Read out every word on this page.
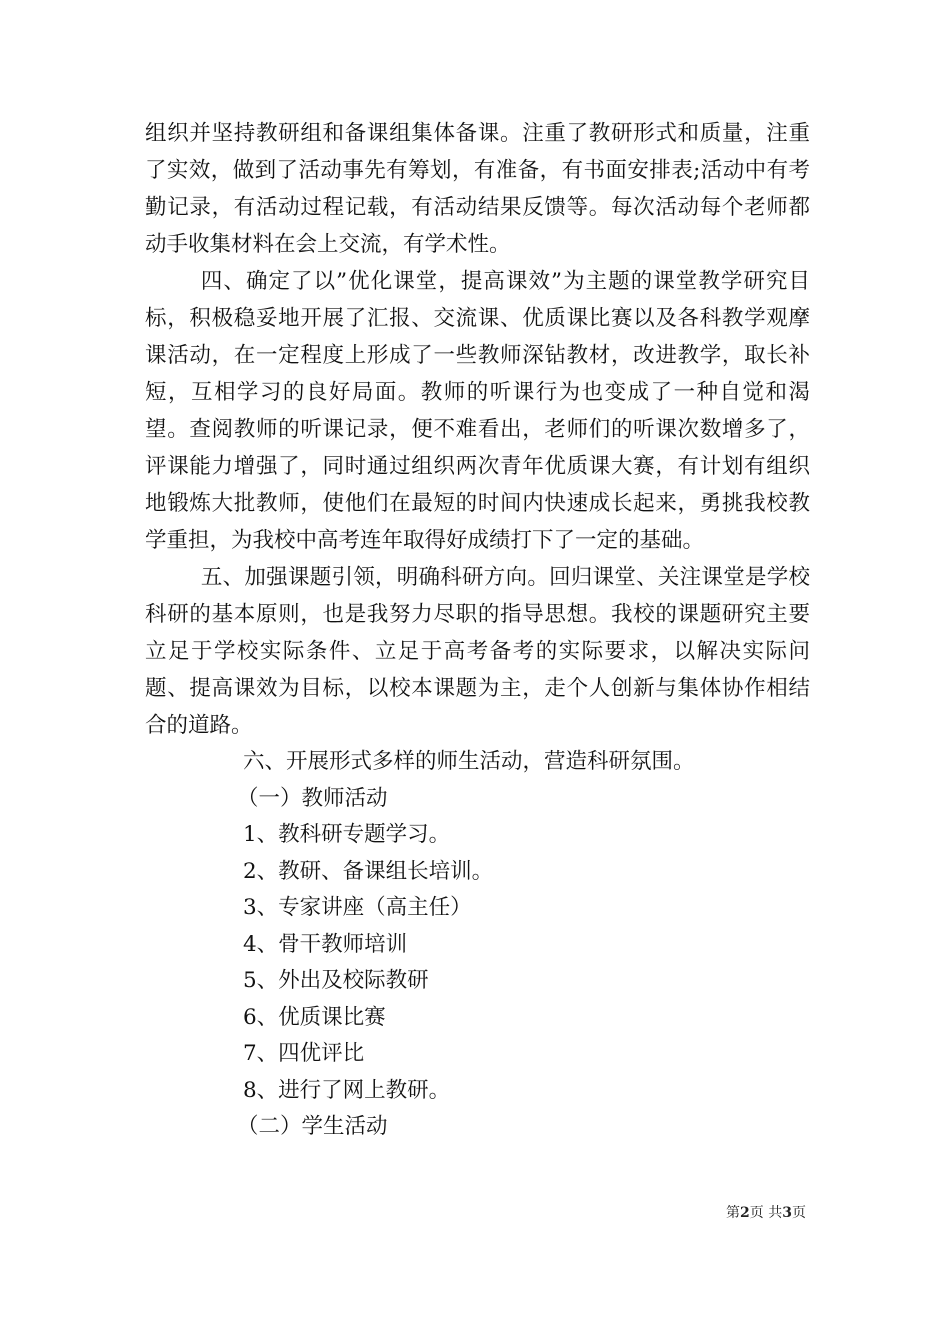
组织并坚持教研组和备课组集体备课。注重了教研形式和质量，注重了实效，做到了活动事先有筹划，有准备，有书面安排表;活动中有考勤记录，有活动过程记载，有活动结果反馈等。每次活动每个老师都动手收集材料在会上交流，有学术性。

四、确定了以”优化课堂，提高课效”为主题的课堂教学研究目标，积极稳妥地开展了汇报、交流课、优质课比赛以及各科教学观摩课活动，在一定程度上形成了一些教师深钻教材，改进教学，取长补短，互相学习的良好局面。教师的听课行为也变成了一种自觉和渴望。查阅教师的听课记录，便不难看出，老师们的听课次数增多了，评课能力增强了，同时通过组织两次青年优质课大赛，有计划有组织地锻炼大批教师，使他们在最短的时间内快速成长起来，勇挑我校教学重担，为我校中高考连年取得好成绩打下了一定的基础。

五、加强课题引领，明确科研方向。回归课堂、关注课堂是学校科研的基本原则，也是我努力尽职的指导思想。我校的课题研究主要立足于学校实际条件、立足于高考备考的实际要求，以解决实际问题、提高课效为目标，以校本课题为主，走个人创新与集体协作相结合的道路。

六、开展形式多样的师生活动，营造科研氛围。

（一）教师活动

1、教科研专题学习。

2、教研、备课组长培训。

3、专家讲座（高主任）

4、骨干教师培训

5、外出及校际教研

6、优质课比赛

7、四优评比

8、进行了网上教研。

（二）学生活动

第2页 共3页
